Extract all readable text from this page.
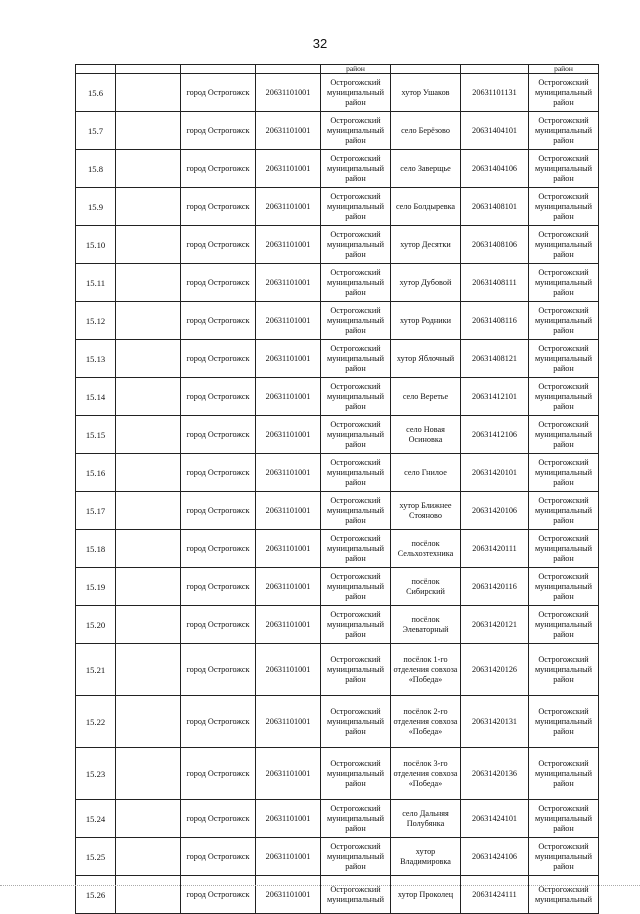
32
				район			район
15.6		город Острогожск	20631101001	Острогожский муниципальный район	хутор Ушаков	20631101131	Острогожский муниципальный район
15.7		город Острогожск	20631101001	Острогожский муниципальный район	село Берёзово	20631404101	Острогожский муниципальный район
15.8		город Острогожск	20631101001	Острогожский муниципальный район	село Заверщье	20631404106	Острогожский муниципальный район
15.9		город Острогожск	20631101001	Острогожский муниципальный район	село Болдыревка	20631408101	Острогожский муниципальный район
15.10		город Острогожск	20631101001	Острогожский муниципальный район	хутор Десятки	20631408106	Острогожский муниципальный район
15.11		город Острогожск	20631101001	Острогожский муниципальный район	хутор Дубовой	20631408111	Острогожский муниципальный район
15.12		город Острогожск	20631101001	Острогожский муниципальный район	хутор Родники	20631408116	Острогожский муниципальный район
15.13		город Острогожск	20631101001	Острогожский муниципальный район	хутор Яблочный	20631408121	Острогожский муниципальный район
15.14		город Острогожск	20631101001	Острогожский муниципальный район	село Веретье	20631412101	Острогожский муниципальный район
15.15		город Острогожск	20631101001	Острогожский муниципальный район	село Новая Осиновка	20631412106	Острогожский муниципальный район
15.16		город Острогожск	20631101001	Острогожский муниципальный район	село Гнилое	20631420101	Острогожский муниципальный район
15.17		город Острогожск	20631101001	Острогожский муниципальный район	хутор Ближнее Стояново	20631420106	Острогожский муниципальный район
15.18		город Острогожск	20631101001	Острогожский муниципальный район	посёлок Сельхозтехника	20631420111	Острогожский муниципальный район
15.19		город Острогожск	20631101001	Острогожский муниципальный район	посёлок Сибирский	20631420116	Острогожский муниципальный район
15.20		город Острогожск	20631101001	Острогожский муниципальный район	посёлок Элеваторный	20631420121	Острогожский муниципальный район
15.21		город Острогожск	20631101001	Острогожский муниципальный район	посёлок 1-го отделения совхоза «Победа»	20631420126	Острогожский муниципальный район
15.22		город Острогожск	20631101001	Острогожский муниципальный район	посёлок 2-го отделения совхоза «Победа»	20631420131	Острогожский муниципальный район
15.23		город Острогожск	20631101001	Острогожский муниципальный район	посёлок 3-го отделения совхоза «Победа»	20631420136	Острогожский муниципальный район
15.24		город Острогожск	20631101001	Острогожский муниципальный район	село Дальняя Полубянка	20631424101	Острогожский муниципальный район
15.25		город Острогожск	20631101001	Острогожский муниципальный район	хутор Владимировка	20631424106	Острогожский муниципальный район
15.26		город Острогожск	20631101001	Острогожский муниципальный	хутор Проколец	20631424111	Острогожский муниципальный
